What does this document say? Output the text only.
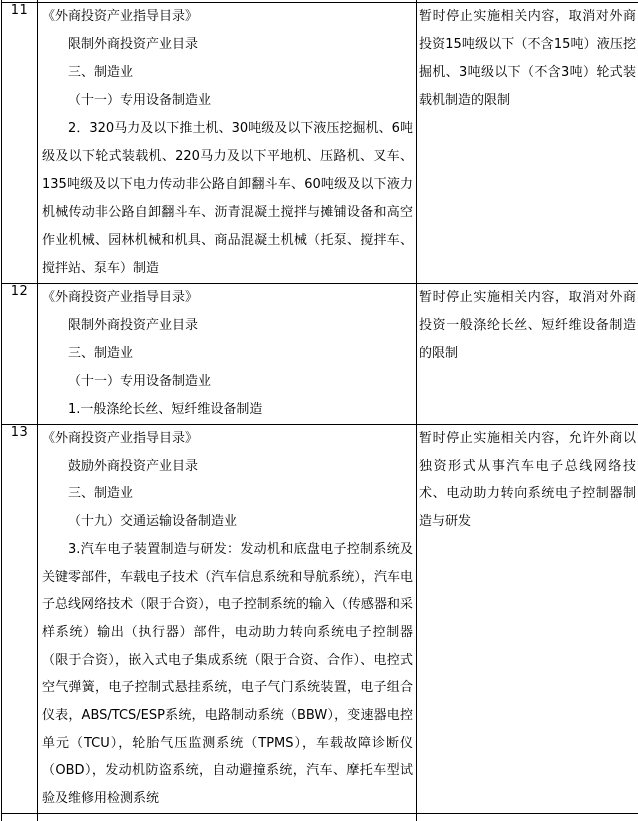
11	《外商投资产业指导目录》

限制外商投资产业目录

三、制造业

（十一）专用设备制造业

2．320马力及以下推土机、30吨级及以下液压挖掘机、6吨级及以下轮式装载机、220马力及以下平地机、压路机、叉车、135吨级及以下电力传动非公路自卸翻斗车、60吨级及以下液力机械传动非公路自卸翻斗车、沥青混凝土搅拌与摊铺设备和高空作业机械、园林机械和机具、商品混凝土机械（托泵、搅拌车、搅拌站、泵车）制造	暂时停止实施相关内容，取消对外商投资15吨级以下（不含15吨）液压挖掘机、3吨级以下（不含3吨）轮式装载机制造的限制

12	《外商投资产业指导目录》

限制外商投资产业目录

三、制造业

（十一）专用设备制造业

1.一般涤纶长丝、短纤维设备制造	暂时停止实施相关内容，取消对外商投资一般涤纶长丝、短纤维设备制造的限制

13	《外商投资产业指导目录》

鼓励外商投资产业目录

三、制造业

（十九）交通运输设备制造业

3.汽车电子装置制造与研发：发动机和底盘电子控制系统及关键零部件，车载电子技术（汽车信息系统和导航系统），汽车电子总线网络技术（限于合资），电子控制系统的输入（传感器和采样系统）输出（执行器）部件，电动助力转向系统电子控制器（限于合资），嵌入式电子集成系统（限于合资、合作）、电控式空气弹簧，电子控制式悬挂系统，电子气门系统装置，电子组合仪表，ABS/TCS/ESP系统，电路制动系统（BBW），变速器电控单元（TCU），轮胎气压监测系统（TPMS），车载故障诊断仪（OBD），发动机防盗系统，自动避撞系统，汽车、摩托车型试验及维修用检测系统	暂时停止实施相关内容，允许外商以独资形式从事汽车电子总线网络技术、电动助力转向系统电子控制器制造与研发
